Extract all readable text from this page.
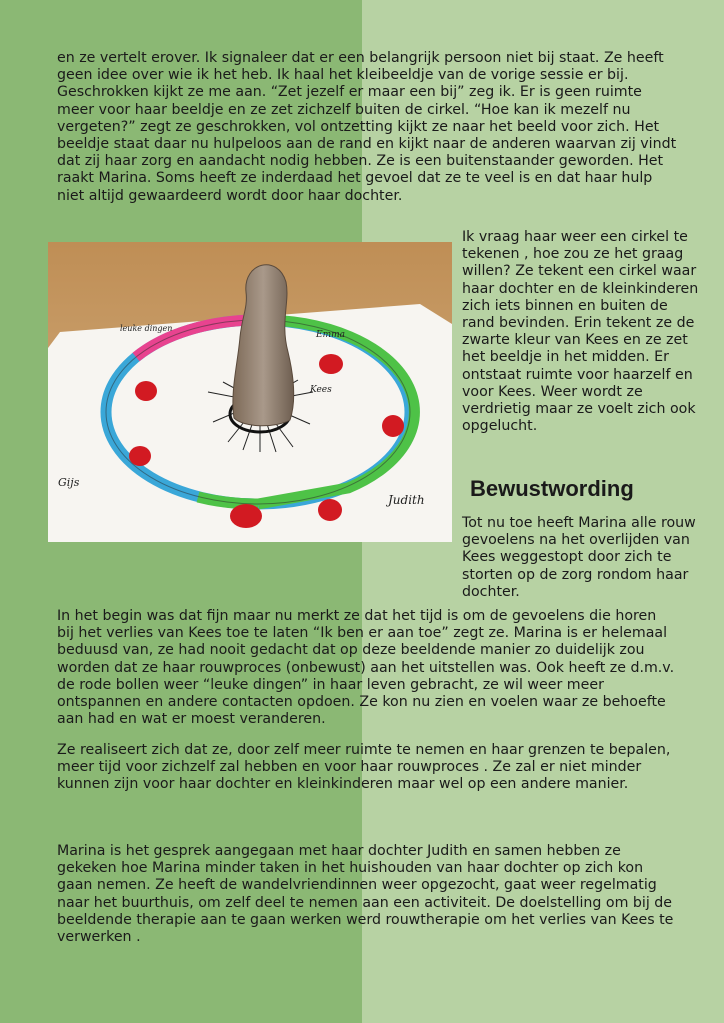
en ze vertelt erover. Ik signaleer dat er een belangrijk persoon niet bij staat. Ze heeft geen idee over wie ik het heb. Ik haal het kleibeeldje van de vorige sessie er bij. Geschrokken kijkt ze me aan. “Zet jezelf er maar een bij” zeg ik. Er is geen ruimte meer voor haar beeldje en ze zet zichzelf buiten de cirkel. “Hoe kan ik mezelf nu vergeten?” zegt ze geschrokken, vol ontzetting kijkt ze naar het beeld voor zich. Het beeldje staat daar nu hulpeloos aan de rand en kijkt naar de anderen waarvan zij vindt dat zij haar zorg en aandacht nodig hebben. Ze is een buitenstaander geworden. Het raakt Marina. Soms heeft ze inderdaad het gevoel dat ze te veel is en dat haar hulp niet altijd gewaardeerd wordt door haar dochter.

leuke dingen
Emma
Kees
Gijs
Judith

Ik vraag haar weer een cirkel te tekenen , hoe zou ze het graag willen? Ze tekent een cirkel waar haar dochter en de kleinkinderen zich iets binnen en buiten de rand bevinden. Erin tekent ze de zwarte kleur van Kees en ze zet het beeldje in het midden. Er ontstaat ruimte voor haarzelf en voor Kees. Weer wordt ze verdrietig maar ze voelt zich ook opgelucht.

Bewustwording

Tot nu toe heeft Marina alle rouw gevoelens na het overlijden van Kees weggestopt door zich te storten op de zorg rondom haar dochter.

In het begin was dat fijn maar nu merkt ze dat het tijd is om de gevoelens die horen bij het verlies van Kees toe te laten “Ik ben er aan toe” zegt ze. Marina is er helemaal beduusd van, ze had nooit gedacht dat op deze beeldende manier zo duidelijk zou worden dat ze haar rouwproces (onbewust) aan het uitstellen was. Ook heeft ze d.m.v. de rode bollen weer “leuke dingen” in haar leven gebracht, ze wil weer meer ontspannen en andere contacten opdoen. Ze kon nu zien en voelen waar ze behoefte aan had en wat er moest veranderen.

Ze realiseert zich dat ze, door zelf meer ruimte te nemen en haar grenzen te bepalen, meer tijd voor zichzelf zal hebben en voor haar rouwproces . Ze zal er niet minder kunnen zijn voor haar dochter en kleinkinderen maar wel op een andere manier.

Marina is het gesprek aangegaan met haar dochter Judith en samen hebben ze gekeken hoe Marina minder taken in het huishouden van haar dochter op zich kon gaan nemen. Ze heeft de wandelvriendinnen weer opgezocht, gaat weer regelmatig naar het buurthuis, om zelf deel te nemen aan een activiteit. De doelstelling om bij de beeldende therapie aan te gaan werken werd rouwtherapie om het verlies van Kees te verwerken .
